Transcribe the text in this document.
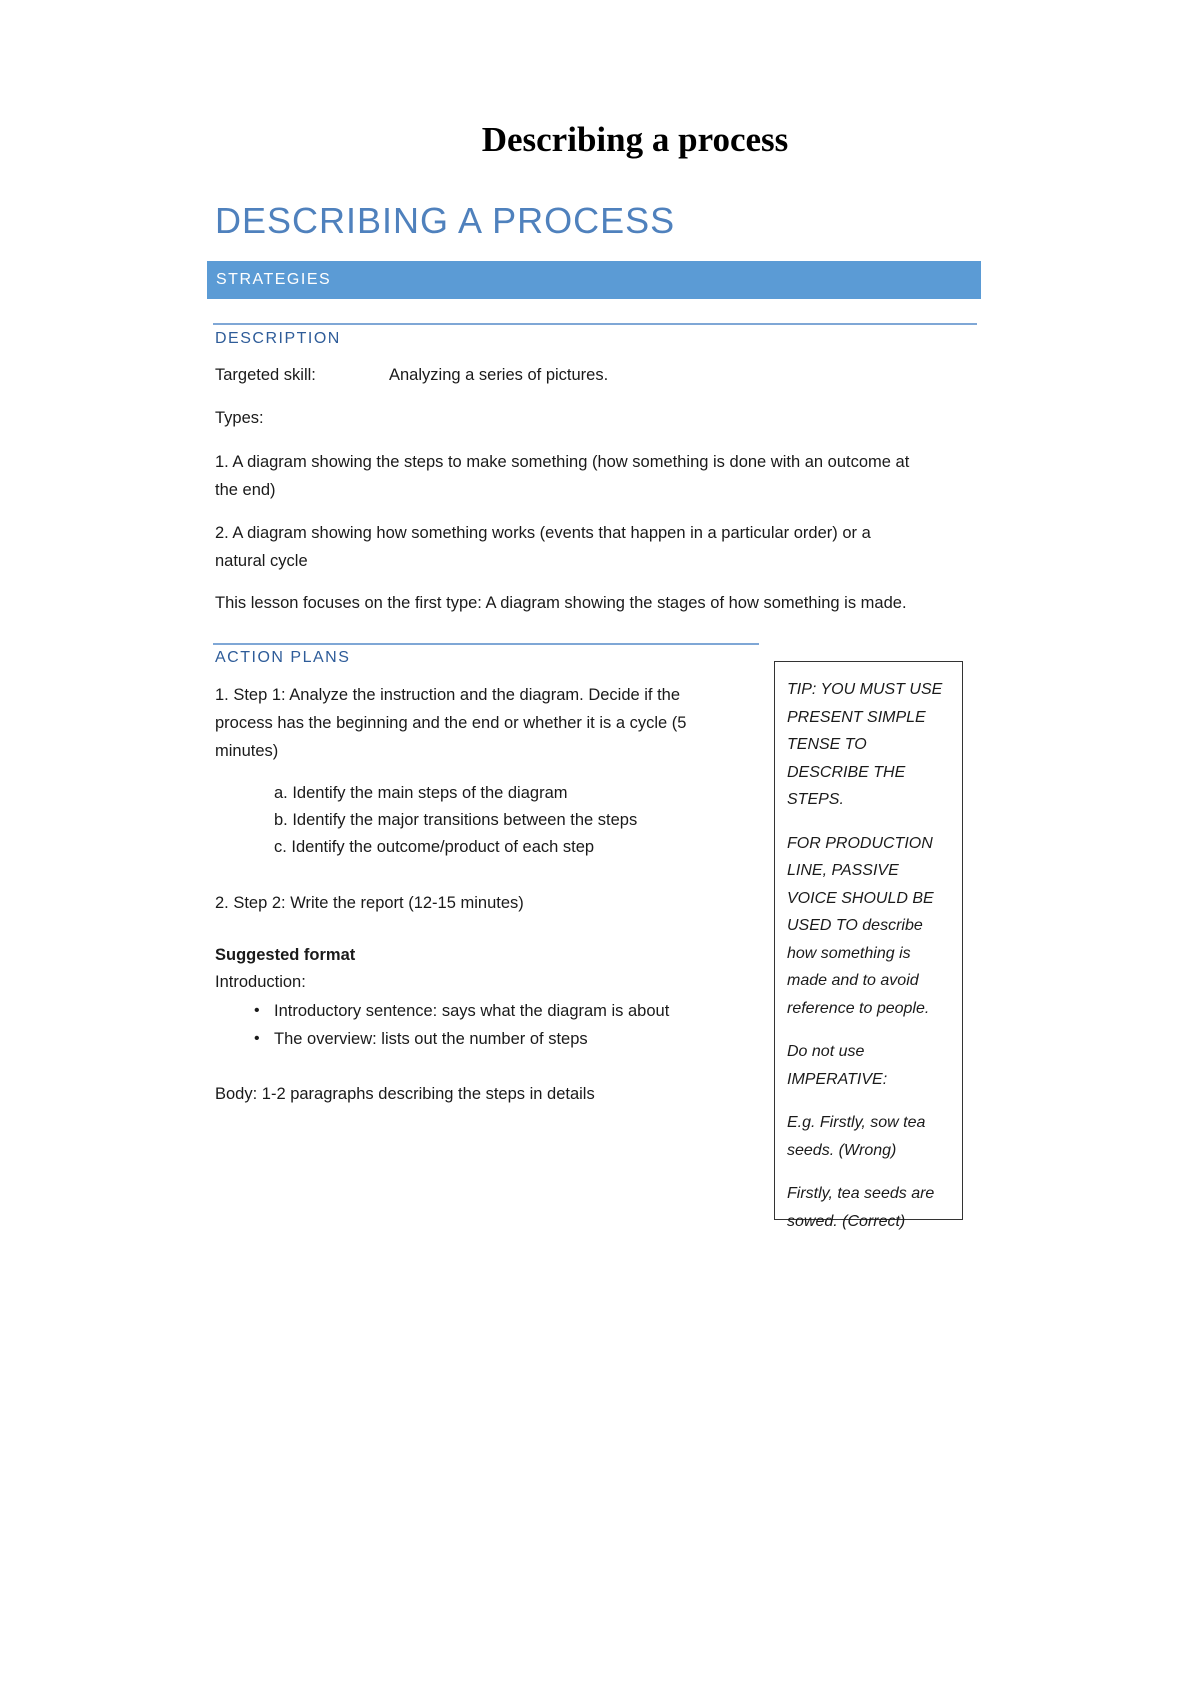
Describing a process
DESCRIBING A PROCESS
STRATEGIES
DESCRIPTION
Targeted skill:	Analyzing a series of pictures.
Types:
1. A diagram showing the steps to make something (how something is done with an outcome at
the end)
2. A diagram showing how something works (events that happen in a particular order) or a
natural cycle
This lesson focuses on the first type: A diagram showing the stages of how something is made.
ACTION PLANS
1. Step 1: Analyze the instruction and the diagram. Decide if the
process has the beginning and the end or whether it is a cycle (5
minutes)
a. Identify the main steps of the diagram
b. Identify the major transitions between the steps
c. Identify the outcome/product of each step
2. Step 2: Write the report (12-15 minutes)
Suggested format
Introduction:
• Introductory sentence: says what the diagram is about
• The overview: lists out the number of steps
Body: 1-2 paragraphs describing the steps in details

TIP: YOU MUST USE PRESENT SIMPLE TENSE TO DESCRIBE THE STEPS.

FOR PRODUCTION LINE, PASSIVE VOICE SHOULD BE USED TO describe how something is made and to avoid reference to people.

Do not use IMPERATIVE:

E.g. Firstly, sow tea seeds. (Wrong)

Firstly, tea seeds are sowed. (Correct)
